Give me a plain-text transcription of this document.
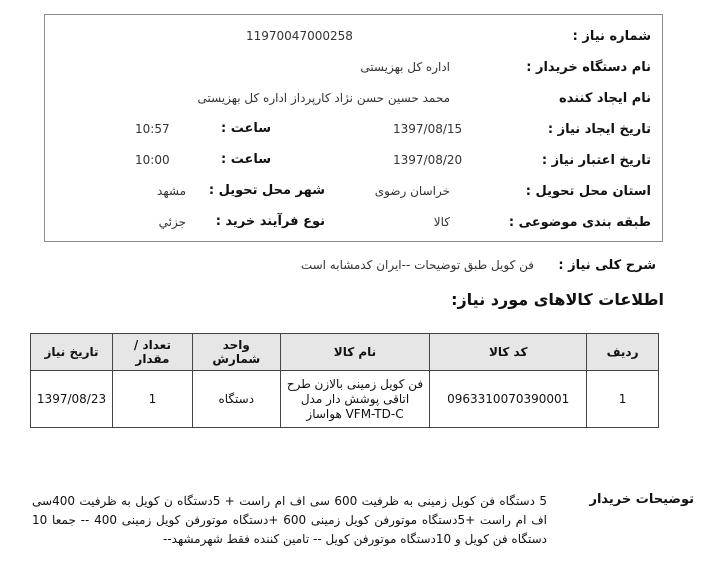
شماره نیاز :
11970047000258
نام دستگاه خریدار :
اداره کل بهزیستی
نام ایجاد کننده
محمد حسین حسن نژاد کارپرداز اداره کل بهزیستی
تاریخ ایجاد نیاز :
1397/08/15
ساعت :
10:57
تاریخ اعتبار نیاز :
1397/08/20
ساعت :
10:00
استان محل تحویل :
خراسان رضوی
شهر محل تحویل :
مشهد
طبقه بندی موضوعی :
کالا
نوع فرآیند خرید :
جزئي
شرح کلی نیاز :
فن کویل طبق توضیحات --ایران کدمشابه است
اطلاعات کالاهای مورد نیاز:
ردیف	کد کالا	نام کالا	واحد شمارش	تعداد / مقدار	تاریخ نیاز
1	0963310070390001	فن کویل زمینی بالازن طرح اتاقی پوشش دار مدل VFM-TD-C هواساز	دستگاه	1	1397/08/23
توضیحات خریدار
5 دستگاه فن کویل زمینی به ظرفیت 600 سی اف ام راست + 5دستگاه ن کویل به ظرفیت 400سی اف ام راست +5دستگاه موتورفن کویل زمینی 600 +دستگاه موتورفن کویل زمینی 400 -- جمعا 10 دستگاه فن کویل و 10دستگاه موتورفن کویل -- تامین کننده فقط شهرمشهد--
